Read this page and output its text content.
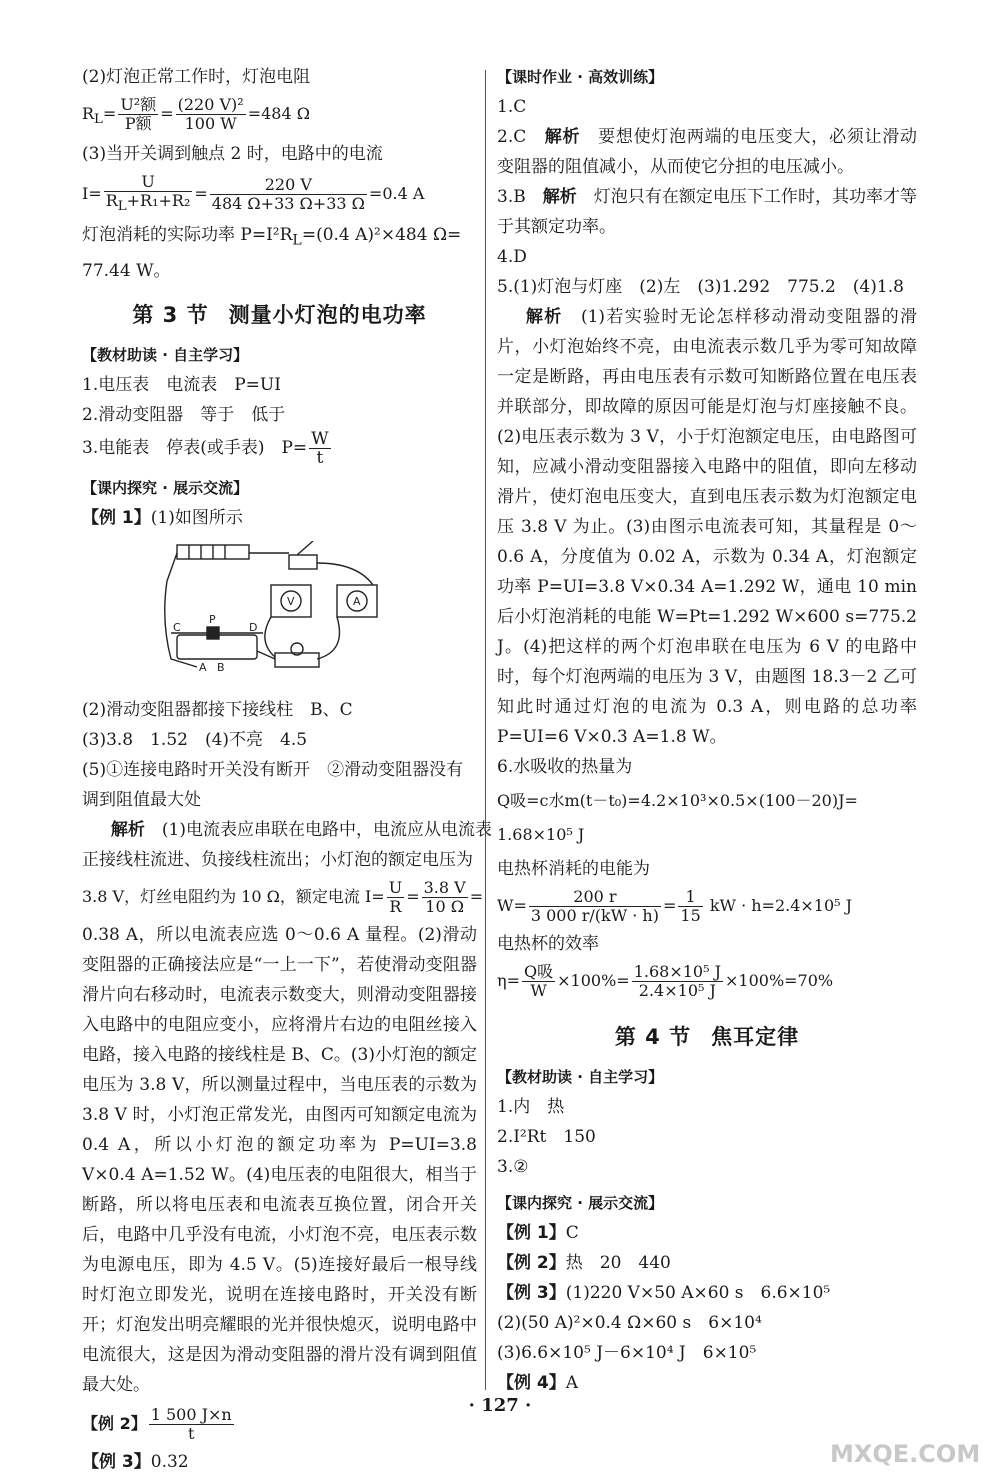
(2)灯泡正常工作时，灯泡电阻
$R_L= \frac{\text{U²额}}{\text{P额}} = \frac{\text{(220 V)²}}{100 W} =484$ Ω
(3)当开关调到触点 2 时，电路中的电流
$I= \frac{U}{R_L+R_1+R_2} = \frac{220 V}{484 \Omega+33 \Omega+33 \Omega} =0.4$ A
灯泡消耗的实际功率 $P=I^2R_L=(0.4$ A)²×484 Ω=
77.44 W。
第 3 节 测量小灯泡的电功率
【教材助读 · 自主学习】
1.电压表　电流表　P=UI
2.滑动变阻器　等于　低于
3.电能表　停表(或手表)　$P= \frac{W}{t}$
【课内探究 · 展示交流】
【例 1】(1)如图所示
C
P
D
A B
V	A
(2)滑动变阻器都接下接线柱　B、C
(3)3.8　1.52　(4)不亮　4.5
(5)①连接电路时开关没有断开　②滑动变阻器没有
调到阻值最大处
解析　 (1)电流表应串联在电路中，电流应从电流表
正接线柱流进、负接线柱流出；小灯泡的额定电压为
3.8 V，灯丝电阻约为 10 Ω，额定电流 $I= \frac{U}{R} = \frac{3.8 V}{10 \Omega}$ =
0.38 A，所以电流表应选 0～0.6 A 量程。(2)滑动变阻器的正确接法应是“一上一下”，若使滑动变阻器滑片向右移动时，电流表示数变大，则滑动变阻器接入电路中的电阻应变小，应将滑片右边的电阻丝接入电路，接入电路的接线柱是 B、C。(3)小灯泡的额定电压为 3.8 V，所以测量过程中，当电压表的示数为 3.8 V 时，小灯泡正常发光，由图丙可知额定电流为 0.4 A，所以小灯泡的额定功率为 P=UI=3.8 V×0.4 A=1.52 W。(4)电压表的电阻很大，相当于断路，所以将电压表和电流表互换位置，闭合开关后，电路中几乎没有电流，小灯泡不亮，电压表示数为电源电压，即为 4.5 V。(5)连接好最后一根导线时灯泡立即发光，说明在连接电路时，开关没有断开；灯泡发出明亮耀眼的光并很快熄灭，说明电路中电流很大，这是因为滑动变阻器的滑片没有调到阻值最大处。
【例 2】 $\frac{1 500 J\times n}{t}$
【例 3】0.32
【课时作业 · 高效训练】
1.C
2.C　 解析　 要想使灯泡两端的电压变大，必须让滑动变阻器的阻值减小，从而使它分担的电压减小。
3.B　 解析　 灯泡只有在额定电压下工作时，其功率才等于其额定功率。
4.D
5.(1)灯泡与灯座　(2)左　(3)1.292　775.2　(4)1.8
解析　 (1)若实验时无论怎样移动滑动变阻器的滑片，小灯泡始终不亮，由电流表示数几乎为零可知故障一定是断路，再由电压表有示数可知断路位置在电压表并联部分，即故障的原因可能是灯泡与灯座接触不良。(2)电压表示数为 3 V，小于灯泡额定电压，由电路图可知，应减小滑动变阻器接入电路中的阻值，即向左移动滑片，使灯泡电压变大，直到电压表示数为灯泡额定电压 3.8 V 为止。(3)由图示电流表可知，其量程是 0～0.6 A，分度值为 0.02 A，示数为 0.34 A，灯泡额定功率 P=UI=3.8 V×0.34 A=1.292 W，通电 10 min 后小灯泡消耗的电能 W=Pt=1.292 W×600 s=775.2 J。(4)把这样的两个灯泡串联在电压为 6 V 的电路中时，每个灯泡两端的电压为 3 V，由题图 18.3－2 乙可知此时通过灯泡的电流为 0.3 A，则电路的总功率 P=UI=6 V×0.3 A=1.8 W。
6.水吸收的热量为
Q吸=c水m(t－t₀)=4.2×10³×0.5×(100－20)J=
1.68×10⁵ J
电热杯消耗的电能为
$W= \frac{200 r}{3 000 r/(kW \cdot h)} = \frac{1}{15}$ kW · h=2.4×10⁵ J
电热杯的效率
$\eta= \frac{\text{Q吸}}{W} \times 100\%= \frac{\text{1.68×10⁵ J}}{\text{2.4×10⁵ J}} \times 100\%=70\%$
第 4 节 焦耳定律
【教材助读 · 自主学习】
1.内　热
2.I²Rt　150
3.②
【课内探究 · 展示交流】
【例 1】C
【例 2】热　20　440
【例 3】(1)220 V×50 A×60 s　6.6×10⁵
(2)(50 A)²×0.4 Ω×60 s　6×10⁴
(3)6.6×10⁵ J－6×10⁴ J　6×10⁵
【例 4】A
· 127 ·
MXQE.COM
